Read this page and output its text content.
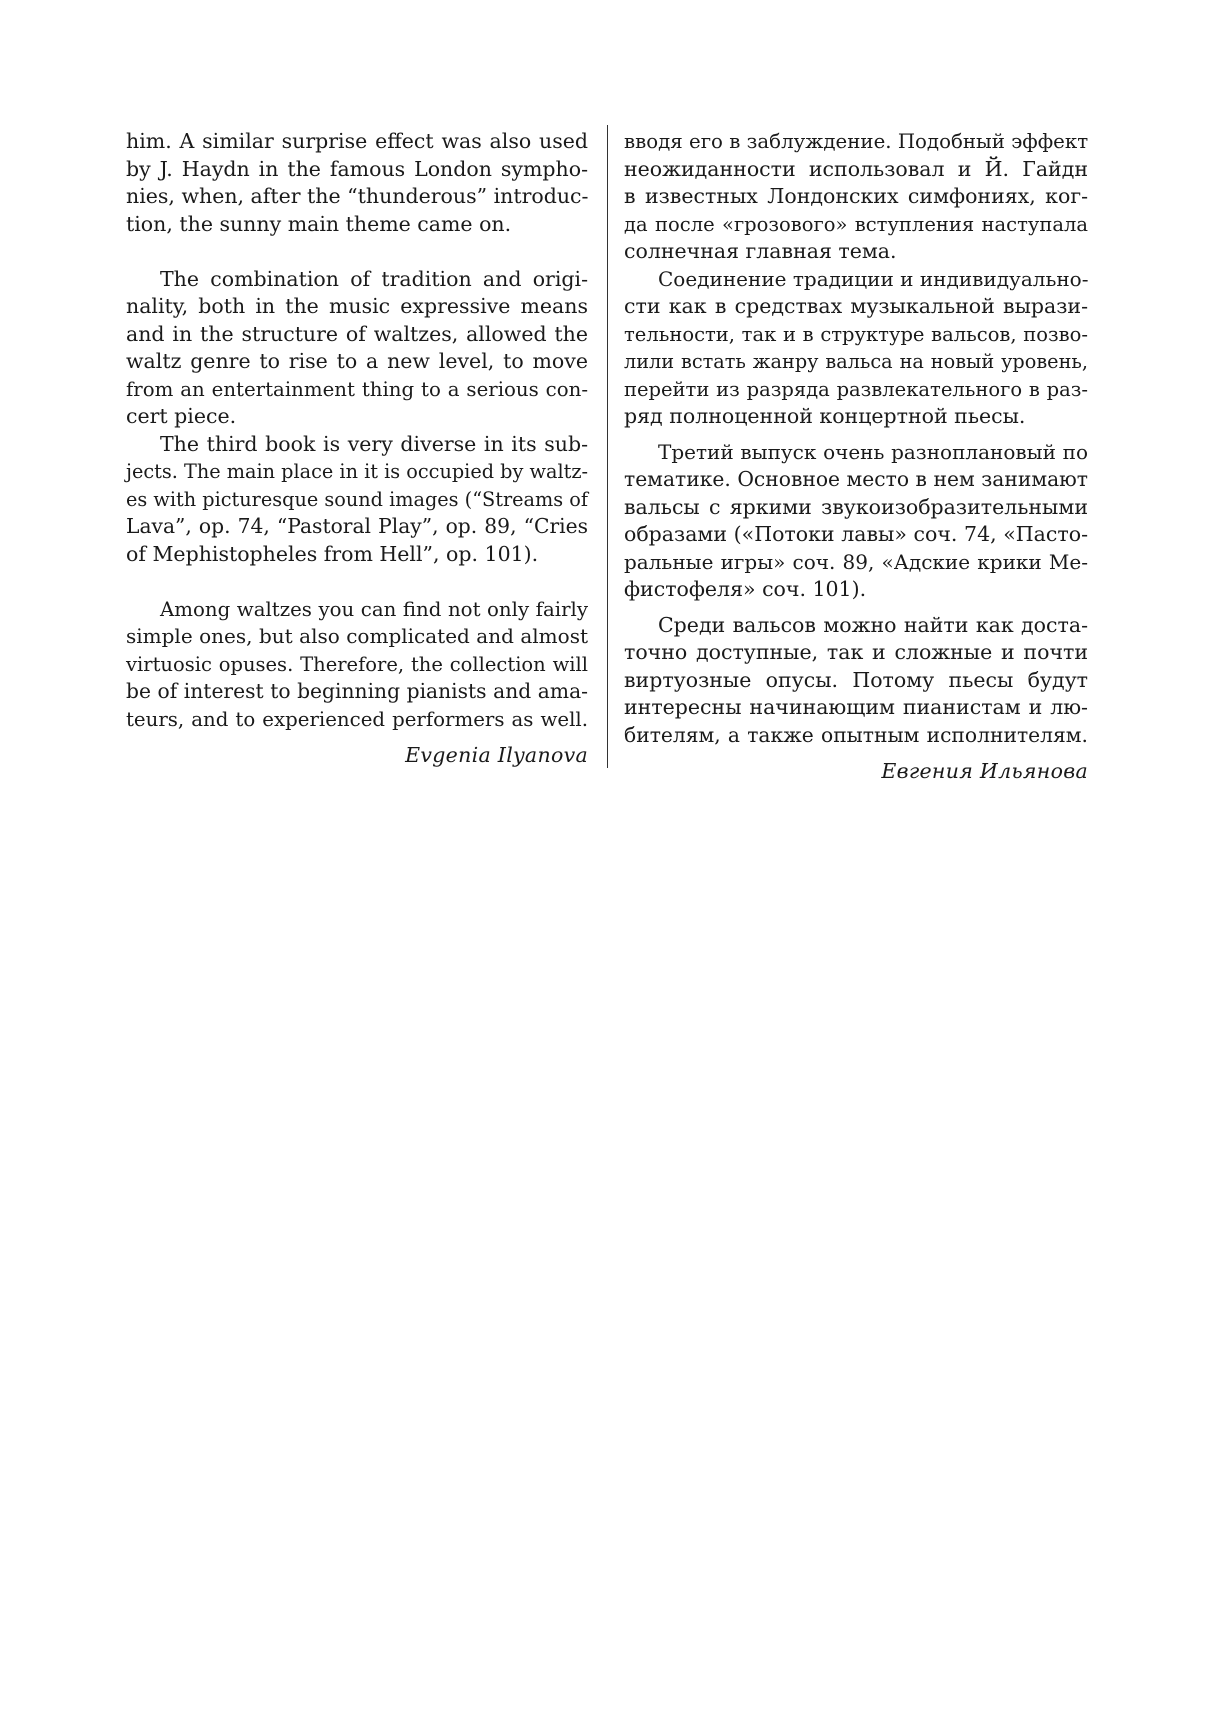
him. A similar surprise effect was also used
by J. Haydn in the famous London sympho-
nies, when, after the “thunderous” introduc-
tion, the sunny main theme came on.
The combination of tradition and origi-
nality, both in the music expressive means
and in the structure of waltzes, allowed the
waltz genre to rise to a new level, to move
from an entertainment thing to a serious con-
cert piece.
The third book is very diverse in its sub-
jects. The main place in it is occupied by waltz-
es with picturesque sound images (“Streams of
Lava”, op. 74, “Pastoral Play”, op. 89, “Cries
of Mephistopheles from Hell”, op. 101).
Among waltzes you can find not only fairly
simple ones, but also complicated and almost
virtuosic opuses. Therefore, the collection will
be of interest to beginning pianists and ama-
teurs, and to experienced performers as well.
Evgenia Ilyanova
вводя его в заблуждение. Подобный эффект
неожиданности использовал и Й. Гайдн
в известных Лондонских симфониях, ког-
да после «грозового» вступления наступала
солнечная главная тема.
Соединение традиции и индивидуально-
сти как в средствах музыкальной вырази-
тельности, так и в структуре вальсов, позво-
лили встать жанру вальса на новый уровень,
перейти из разряда развлекательного в раз-
ряд полноценной концертной пьесы.
Третий выпуск очень разноплановый по
тематике. Основное место в нем занимают
вальсы с яркими звукоизобразительными
образами («Потоки лавы» соч. 74, «Пасто-
ральные игры» соч. 89, «Адские крики Ме-
фистофеля» соч. 101).
Среди вальсов можно найти как доста-
точно доступные, так и сложные и почти
виртуозные опусы. Потому пьесы будут
интересны начинающим пианистам и лю-
бителям, а также опытным исполнителям.
Евгения Ильянова
